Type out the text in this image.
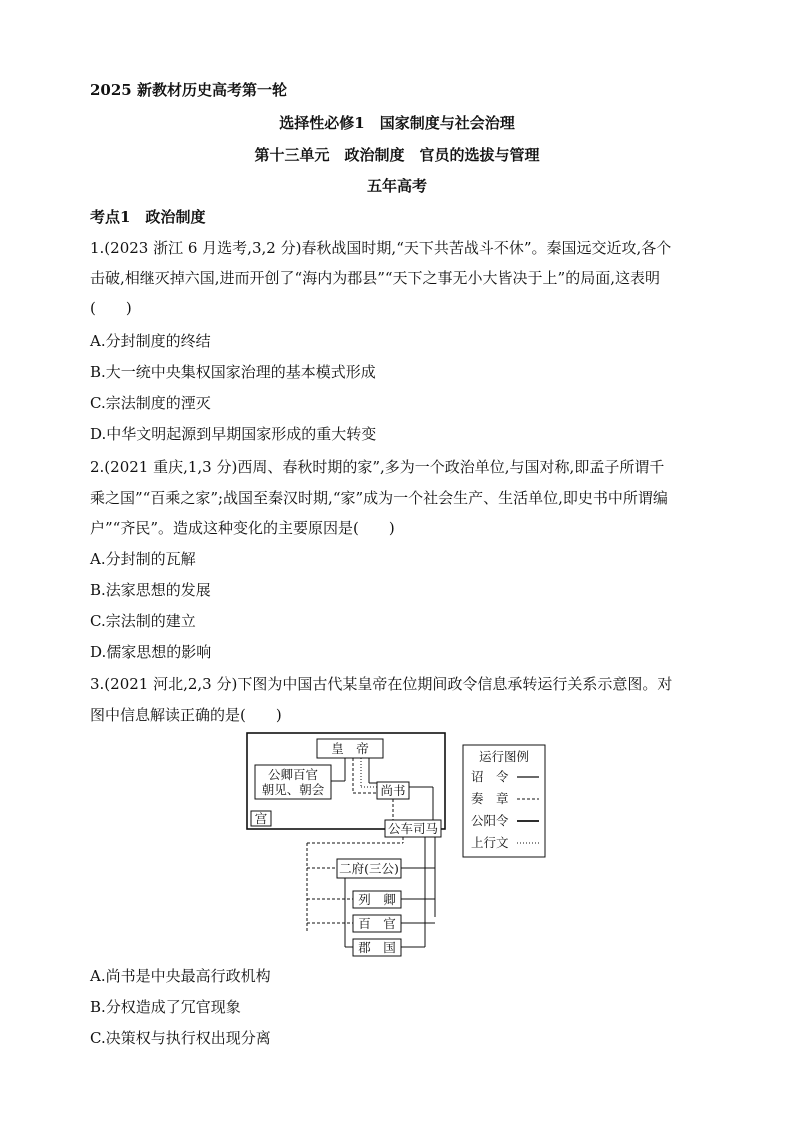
2025 新教材历史高考第一轮
选择性必修1　国家制度与社会治理
第十三单元　政治制度　官员的选拔与管理
五年高考
考点1　政治制度
1.(2023 浙江 6 月选考,3,2 分)春秋战国时期,“天下共苦战斗不休”。秦国远交近攻,各个
击破,相继灭掉六国,进而开创了“海内为郡县”“天下之事无小大皆决于上”的局面,这表明
(　　)
A.分封制度的终结
B.大一统中央集权国家治理的基本模式形成
C.宗法制度的湮灭
D.中华文明起源到早期国家形成的重大转变
2.(2021 重庆,1,3 分)西周、春秋时期的家”,多为一个政治单位,与国对称,即孟子所谓千
乘之国”“百乘之家”;战国至秦汉时期,“家”成为一个社会生产、生活单位,即史书中所谓编
户”“齐民”。造成这种变化的主要原因是(　　)
A.分封制的瓦解
B.法家思想的发展
C.宗法制的建立
D.儒家思想的影响
3.(2021 河北,2,3 分)下图为中国古代某皇帝在位期间政令信息承转运行关系示意图。对
图中信息解读正确的是(　　)
皇　帝
公卿百官
朝见、朝会	尚书
宫
公车司马
二府(三公)
列　卿
百　官
郡　国
运行图例
诏　令
奏　章
公阳令
上行文
A.尚书是中央最高行政机构
B.分权造成了冗官现象
C.决策权与执行权出现分离
